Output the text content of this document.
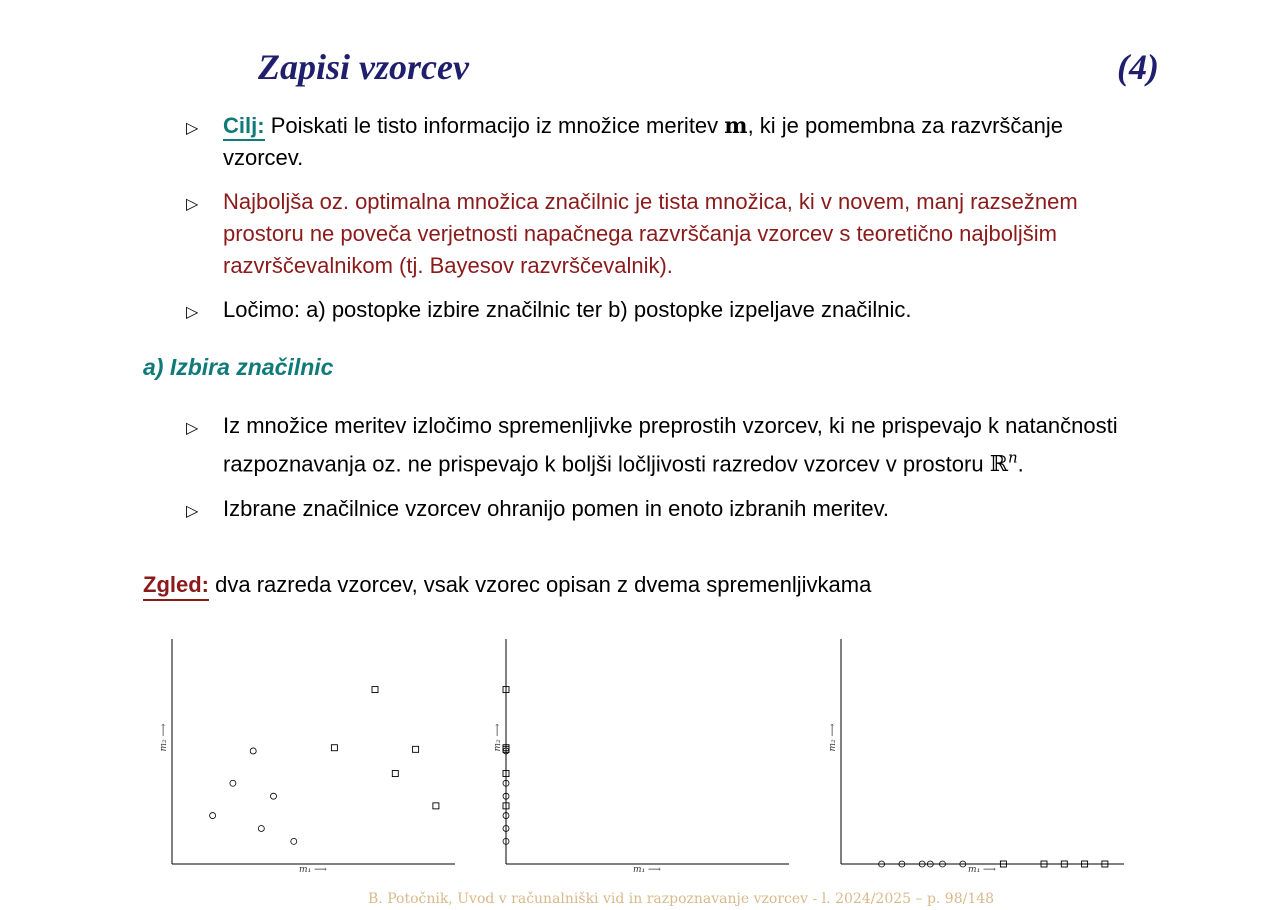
Zapisi vzorcev	(4)
▷ Cilj: Poiskati le tisto informacijo iz množice meritev m, ki je pomembna za razvrščanje vzorcev.
▷ Najboljša oz. optimalna množica značilnic je tista množica, ki v novem, manj razsežnem prostoru ne poveča verjetnosti napačnega razvrščanja vzorcev s teoretično najboljšim razvrščevalnikom (tj. Bayesov razvrščevalnik).
▷ Ločimo: a) postopke izbire značilnic ter b) postopke izpeljave značilnic.
a) Izbira značilnic
▷ Iz množice meritev izločimo spremenljivke preprostih vzorcev, ki ne prispevajo k natančnosti razpoznavanja oz. ne prispevajo k boljši ločljivosti razredov vzorcev v prostoru ℝ$^n$.
▷ Izbrane značilnice vzorcev ohranijo pomen in enoto izbranih meritev.
Zgled: dva razreda vzorcev, vsak vzorec opisan z dvema spremenljivkama
m₁ ⟶
m₂ ⟶
m₁ ⟶
m₂ ⟶
m₁ ⟶
m₂ ⟶
B. Potočnik, Uvod v računalniški vid in razpoznavanje vzorcev - l. 2024/2025 – p. 98/148
